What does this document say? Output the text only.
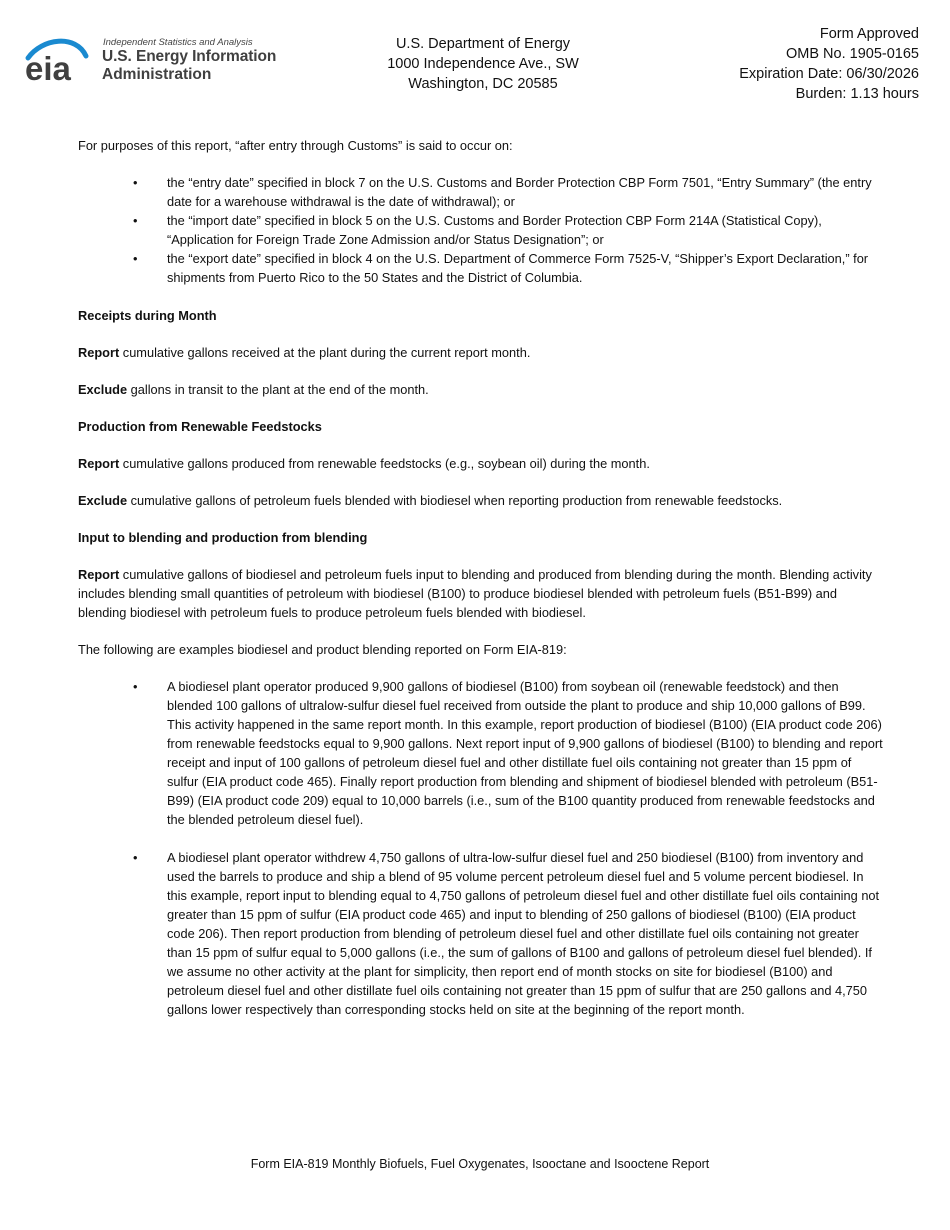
eia
Independent Statistics and Analysis
U.S. Energy Information
Administration
U.S. Department of Energy
1000 Independence Ave., SW
Washington, DC 20585
Form Approved
OMB No. 1905-0165
Expiration Date: 06/30/2026
Burden: 1.13 hours

For purposes of this report, “after entry through Customs” is said to occur on:

• the “entry date” specified in block 7 on the U.S. Customs and Border Protection CBP Form 7501, “Entry Summary” (the entry date for a warehouse withdrawal is the date of withdrawal); or
• the “import date” specified in block 5 on the U.S. Customs and Border Protection CBP Form 214A (Statistical Copy), “Application for Foreign Trade Zone Admission and/or Status Designation”; or
• the “export date” specified in block 4 on the U.S. Department of Commerce Form 7525-V, “Shipper’s Export Declaration,” for shipments from Puerto Rico to the 50 States and the District of Columbia.

Receipts during Month

Report cumulative gallons received at the plant during the current report month.

Exclude gallons in transit to the plant at the end of the month.

Production from Renewable Feedstocks

Report cumulative gallons produced from renewable feedstocks (e.g., soybean oil) during the month.

Exclude cumulative gallons of petroleum fuels blended with biodiesel when reporting production from renewable feedstocks.

Input to blending and production from blending

Report cumulative gallons of biodiesel and petroleum fuels input to blending and produced from blending during the month. Blending activity includes blending small quantities of petroleum with biodiesel (B100) to produce biodiesel blended with petroleum fuels (B51-B99) and blending biodiesel with petroleum fuels to produce petroleum fuels blended with biodiesel.

The following are examples biodiesel and product blending reported on Form EIA-819:

• A biodiesel plant operator produced 9,900 gallons of biodiesel (B100) from soybean oil (renewable feedstock) and then blended 100 gallons of ultralow-sulfur diesel fuel received from outside the plant to produce and ship 10,000 gallons of B99. This activity happened in the same report month. In this example, report production of biodiesel (B100) (EIA product code 206) from renewable feedstocks equal to 9,900 gallons. Next report input of 9,900 gallons of biodiesel (B100) to blending and report receipt and input of 100 gallons of petroleum diesel fuel and other distillate fuel oils containing not greater than 15 ppm of sulfur (EIA product code 465). Finally report production from blending and shipment of biodiesel blended with petroleum (B51-B99) (EIA product code 209) equal to 10,000 barrels (i.e., sum of the B100 quantity produced from renewable feedstocks and the blended petroleum diesel fuel).
• A biodiesel plant operator withdrew 4,750 gallons of ultra-low-sulfur diesel fuel and 250 biodiesel (B100) from inventory and used the barrels to produce and ship a blend of 95 volume percent petroleum diesel fuel and 5 volume percent biodiesel. In this example, report input to blending equal to 4,750 gallons of petroleum diesel fuel and other distillate fuel oils containing not greater than 15 ppm of sulfur (EIA product code 465) and input to blending of 250 gallons of biodiesel (B100) (EIA product code 206). Then report production from blending of petroleum diesel fuel and other distillate fuel oils containing not greater than 15 ppm of sulfur equal to 5,000 gallons (i.e., the sum of gallons of B100 and gallons of petroleum diesel fuel blended). If we assume no other activity at the plant for simplicity, then report end of month stocks on site for biodiesel (B100) and petroleum diesel fuel and other distillate fuel oils containing not greater than 15 ppm of sulfur that are 250 gallons and 4,750 gallons lower respectively than corresponding stocks held on site at the beginning of the report month.
Form EIA-819 Monthly Biofuels, Fuel Oxygenates, Isooctane and Isooctene Report
